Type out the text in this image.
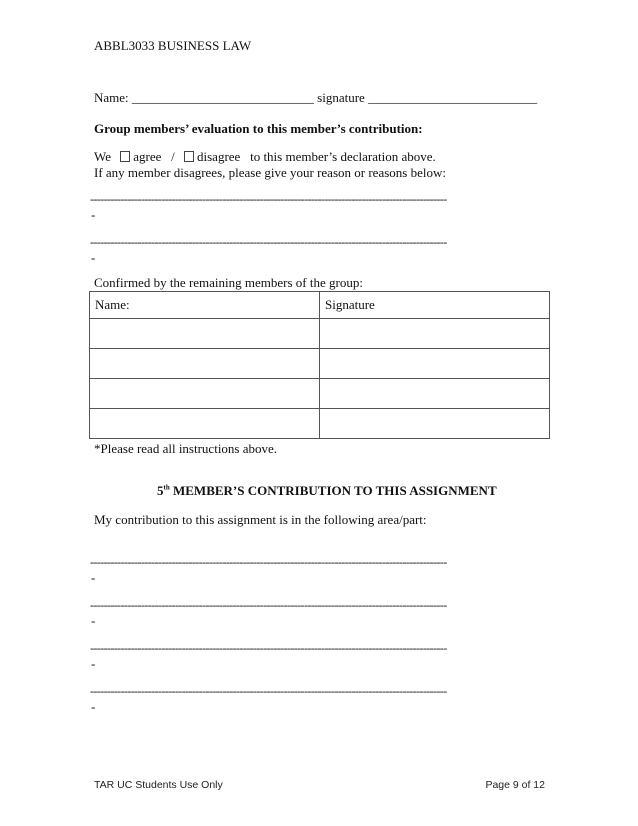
ABBL3033 BUSINESS LAW
Name: ____________________________ signature __________________________
Group members’ evaluation to this member’s contribution:
We agree / disagree to this member’s declaration above.
If any member disagrees, please give your reason or reasons below:
---------------------------------------------------------------------------------------------------------
-
---------------------------------------------------------------------------------------------------------
-
Confirmed by the remaining members of the group:
Name:	Signature

*Please read all instructions above.
5th MEMBER’S CONTRIBUTION TO THIS ASSIGNMENT
My contribution to this assignment is in the following area/part:
---------------------------------------------------------------------------------------------------------
-
---------------------------------------------------------------------------------------------------------
-
---------------------------------------------------------------------------------------------------------
-
---------------------------------------------------------------------------------------------------------
-
TAR UC Students Use Only	Page 9 of 12
